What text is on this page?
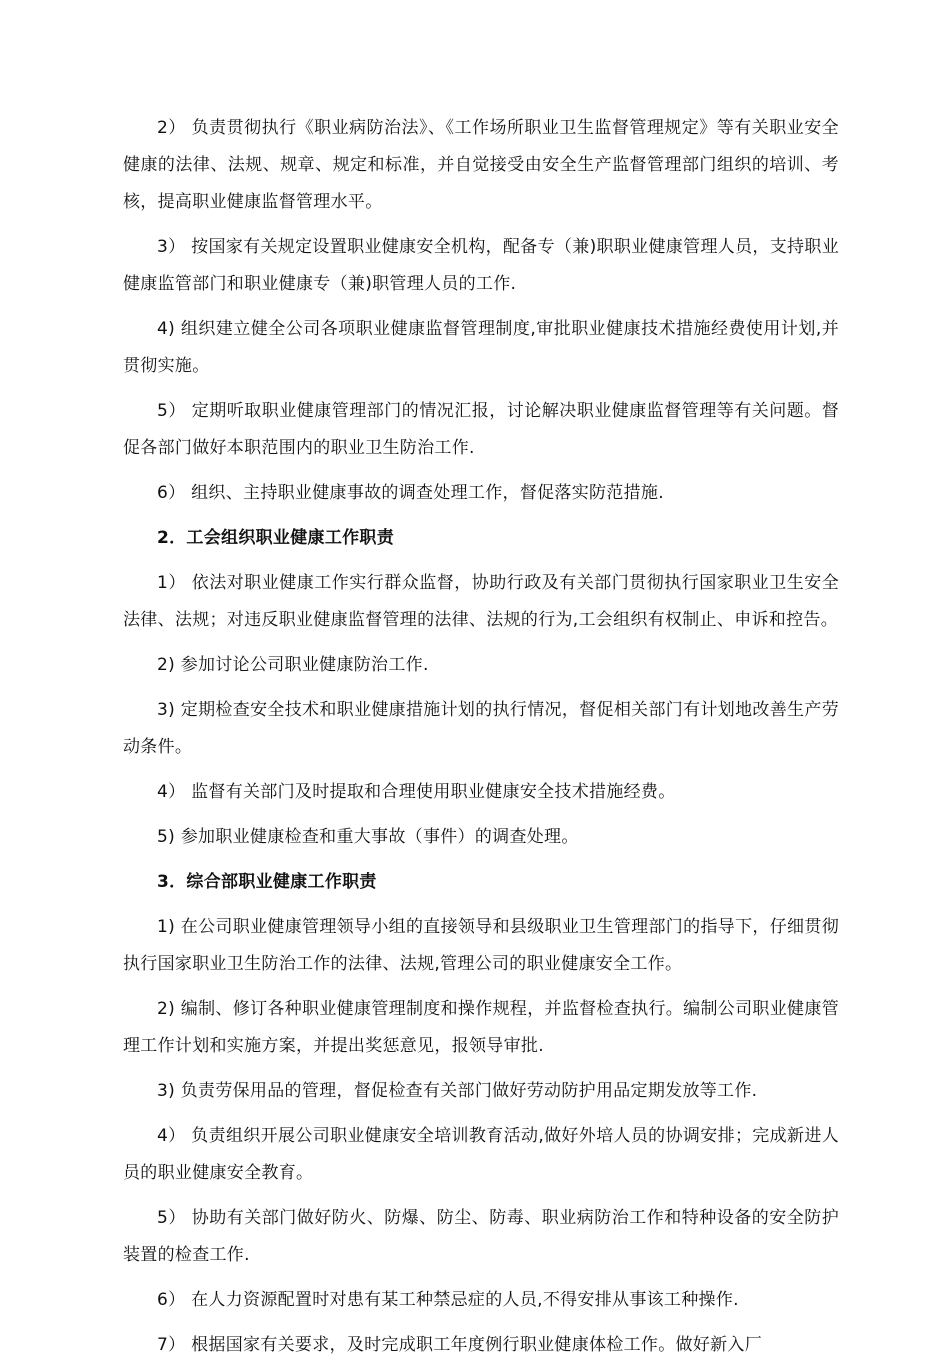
2） 负责贯彻执行《职业病防治法》、《工作场所职业卫生监督管理规定》等有关职业安全健康的法律、法规、规章、规定和标准，并自觉接受由安全生产监督管理部门组织的培训、考核，提高职业健康监督管理水平。

3） 按国家有关规定设置职业健康安全机构，配备专（兼)职职业健康管理人员，支持职业健康监管部门和职业健康专（兼)职管理人员的工作.

4) 组织建立健全公司各项职业健康监督管理制度,审批职业健康技术措施经费使用计划,并贯彻实施。

5） 定期听取职业健康管理部门的情况汇报，讨论解决职业健康监督管理等有关问题。督促各部门做好本职范围内的职业卫生防治工作.

6） 组织、主持职业健康事故的调查处理工作，督促落实防范措施.

2．工会组织职业健康工作职责

1） 依法对职业健康工作实行群众监督，协助行政及有关部门贯彻执行国家职业卫生安全法律、法规；对违反职业健康监督管理的法律、法规的行为,工会组织有权制止、申诉和控告。

2) 参加讨论公司职业健康防治工作.

3) 定期检查安全技术和职业健康措施计划的执行情况，督促相关部门有计划地改善生产劳动条件。

4） 监督有关部门及时提取和合理使用职业健康安全技术措施经费。

5) 参加职业健康检查和重大事故（事件）的调查处理。

3．综合部职业健康工作职责

1) 在公司职业健康管理领导小组的直接领导和县级职业卫生管理部门的指导下，仔细贯彻执行国家职业卫生防治工作的法律、法规,管理公司的职业健康安全工作。

2) 编制、修订各种职业健康管理制度和操作规程，并监督检查执行。编制公司职业健康管理工作计划和实施方案，并提出奖惩意见，报领导审批.

3) 负责劳保用品的管理，督促检查有关部门做好劳动防护用品定期发放等工作.

4） 负责组织开展公司职业健康安全培训教育活动,做好外培人员的协调安排；完成新进人员的职业健康安全教育。

5） 协助有关部门做好防火、防爆、防尘、防毒、职业病防治工作和特种设备的安全防护装置的检查工作.

6） 在人力资源配置时对患有某工种禁忌症的人员,不得安排从事该工种操作.

7） 根据国家有关要求，及时完成职工年度例行职业健康体检工作。做好新入厂
